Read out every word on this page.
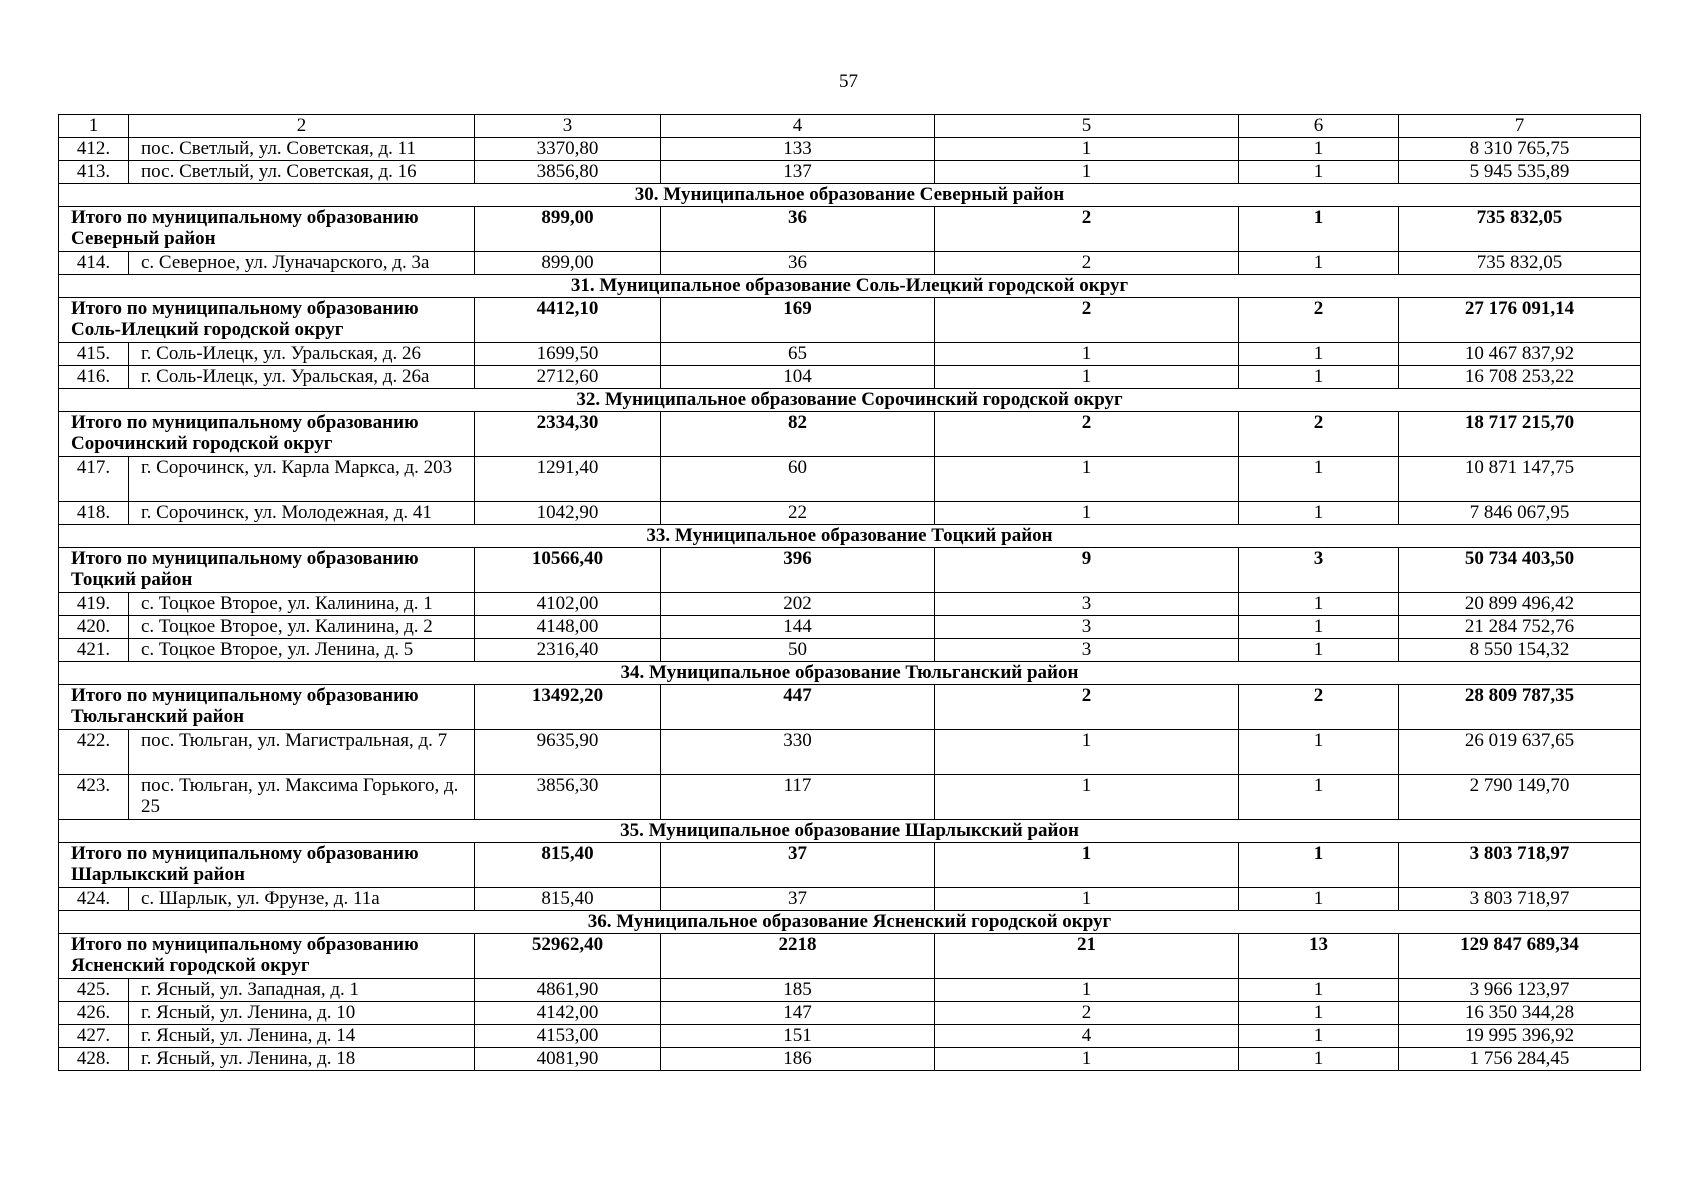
57
1	2	3	4	5	6	7
412.	пос. Светлый, ул. Советская, д. 11	3370,80	133	1	1	8 310 765,75
413.	пос. Светлый, ул. Советская, д. 16	3856,80	137	1	1	5 945 535,89
30. Муниципальное образование Северный район						
Итого по муниципальному образованию Северный район		899,00	36	2	1	735 832,05
414.	с. Северное, ул. Луначарского, д. 3а	899,00	36	2	1	735 832,05
31. Муниципальное образование Соль-Илецкий городской округ						
Итого по муниципальному образованию Соль-Илецкий городской округ		4412,10	169	2	2	27 176 091,14
415.	г. Соль-Илецк, ул. Уральская, д. 26	1699,50	65	1	1	10 467 837,92
416.	г. Соль-Илецк, ул. Уральская, д. 26а	2712,60	104	1	1	16 708 253,22
32. Муниципальное образование Сорочинский городской округ						
Итого по муниципальному образованию Сорочинский городской округ		2334,30	82	2	2	18 717 215,70
417.	г. Сорочинск, ул. Карла Маркса, д. 203	1291,40	60	1	1	10 871 147,75
418.	г. Сорочинск, ул. Молодежная, д. 41	1042,90	22	1	1	7 846 067,95
33. Муниципальное образование Тоцкий район						
Итого по муниципальному образованию Тоцкий район		10566,40	396	9	3	50 734 403,50
419.	с. Тоцкое Второе, ул. Калинина, д. 1	4102,00	202	3	1	20 899 496,42
420.	с. Тоцкое Второе, ул. Калинина, д. 2	4148,00	144	3	1	21 284 752,76
421.	с. Тоцкое Второе, ул. Ленина, д. 5	2316,40	50	3	1	8 550 154,32
34. Муниципальное образование Тюльганский район						
Итого по муниципальному образованию Тюльганский район		13492,20	447	2	2	28 809 787,35
422.	пос. Тюльган, ул. Магистральная, д. 7	9635,90	330	1	1	26 019 637,65
423.	пос. Тюльган, ул. Максима Горького, д. 25	3856,30	117	1	1	2 790 149,70
35. Муниципальное образование Шарлыкский район						
Итого по муниципальному образованию Шарлыкский район		815,40	37	1	1	3 803 718,97
424.	с. Шарлык, ул. Фрунзе, д. 11а	815,40	37	1	1	3 803 718,97
36. Муниципальное образование Ясненский городской округ						
Итого по муниципальному образованию Ясненский городской округ		52962,40	2218	21	13	129 847 689,34
425.	г. Ясный, ул. Западная, д. 1	4861,90	185	1	1	3 966 123,97
426.	г. Ясный, ул. Ленина, д. 10	4142,00	147	2	1	16 350 344,28
427.	г. Ясный, ул. Ленина, д. 14	4153,00	151	4	1	19 995 396,92
428.	г. Ясный, ул. Ленина, д. 18	4081,90	186	1	1	1 756 284,45
